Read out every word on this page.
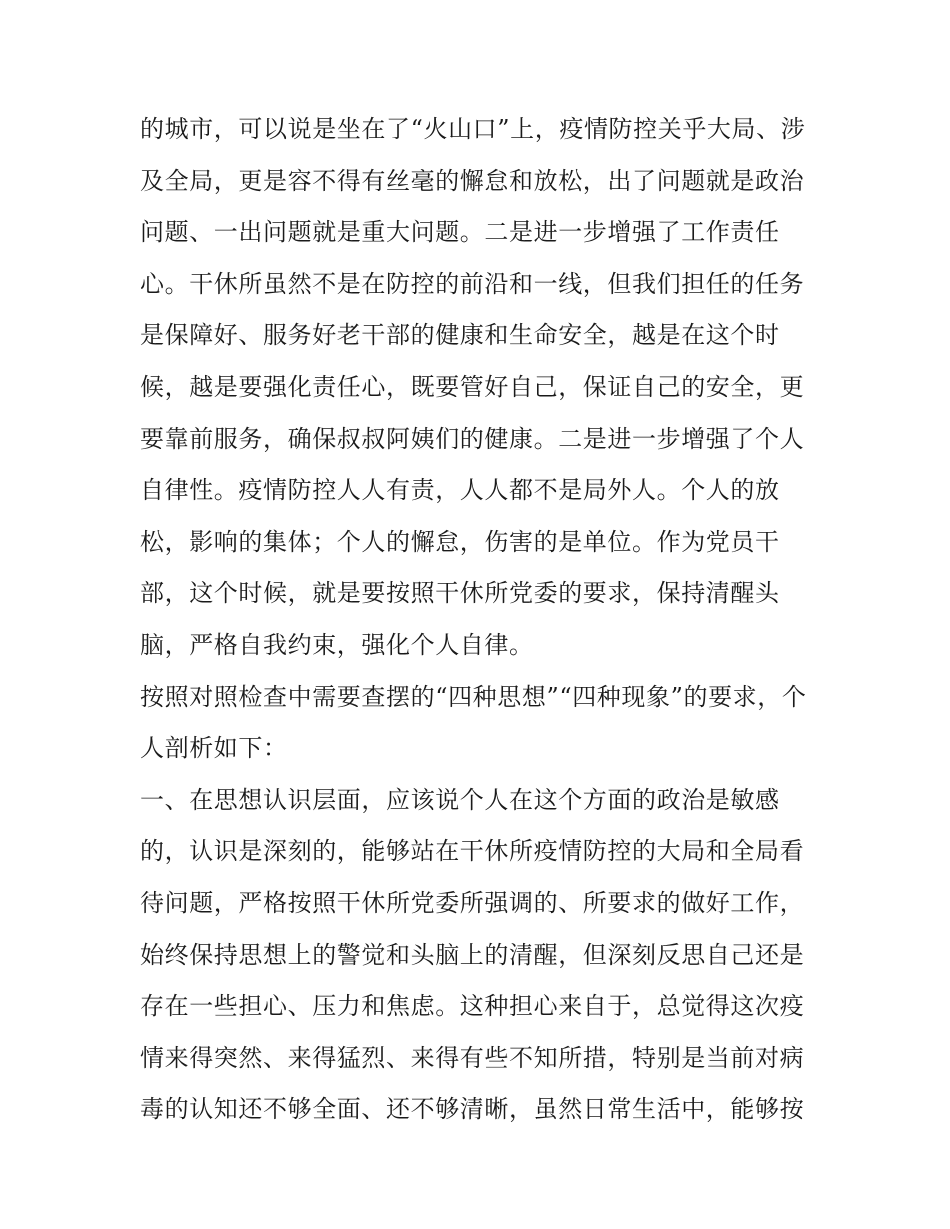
的城市，可以说是坐在了“火山口”上，疫情防控关乎大局、涉
及全局，更是容不得有丝毫的懈怠和放松，出了问题就是政治
问题、一出问题就是重大问题。二是进一步增强了工作责任
心。干休所虽然不是在防控的前沿和一线，但我们担任的任务
是保障好、服务好老干部的健康和生命安全，越是在这个时
候，越是要强化责任心，既要管好自己，保证自己的安全，更
要靠前服务，确保叔叔阿姨们的健康。二是进一步增强了个人
自律性。疫情防控人人有责，人人都不是局外人。个人的放
松，影响的集体；个人的懈怠，伤害的是单位。作为党员干
部，这个时候，就是要按照干休所党委的要求，保持清醒头
脑，严格自我约束，强化个人自律。
按照对照检查中需要查摆的“四种思想”“四种现象”的要求，个
人剖析如下：
一、在思想认识层面，应该说个人在这个方面的政治是敏感
的，认识是深刻的，能够站在干休所疫情防控的大局和全局看
待问题，严格按照干休所党委所强调的、所要求的做好工作，
始终保持思想上的警觉和头脑上的清醒，但深刻反思自己还是
存在一些担心、压力和焦虑。这种担心来自于，总觉得这次疫
情来得突然、来得猛烈、来得有些不知所措，特别是当前对病
毒的认知还不够全面、还不够清晰，虽然日常生活中，能够按
